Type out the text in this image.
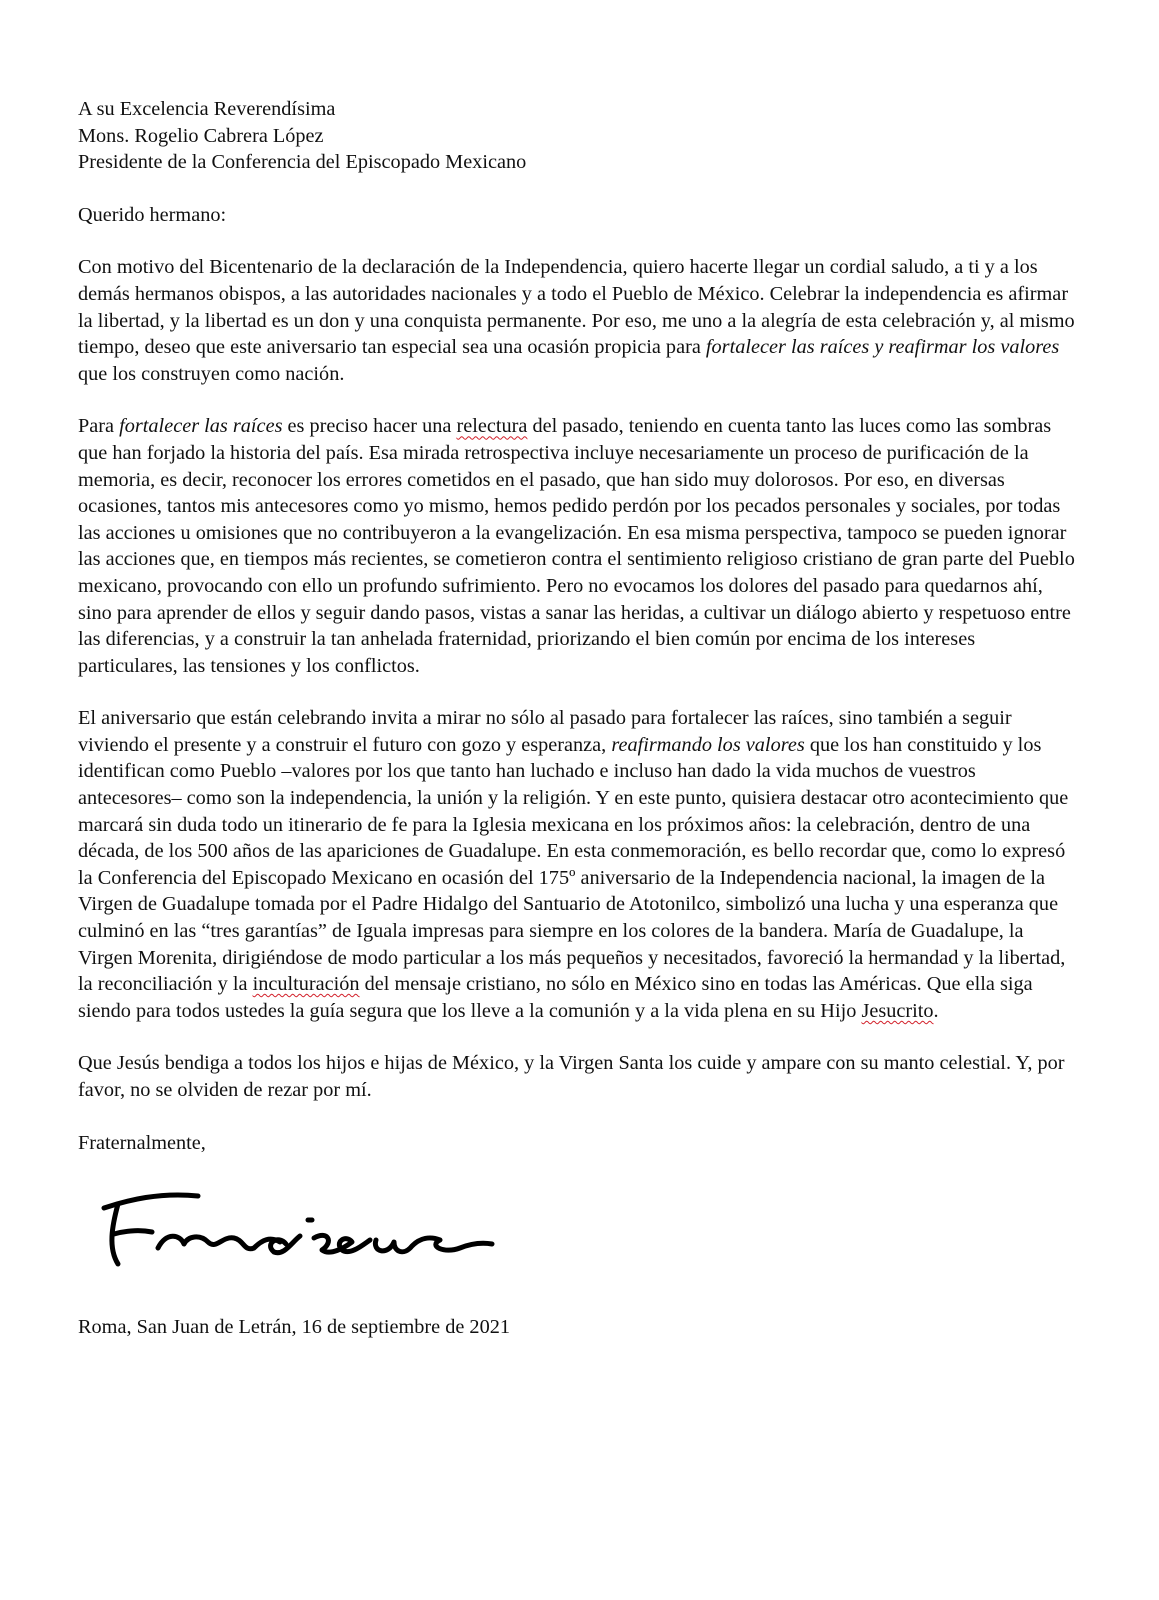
A su Excelencia Reverendísima

Mons. Rogelio Cabrera López

Presidente de la Conferencia del Episcopado Mexicano

Querido hermano:

Con motivo del Bicentenario de la declaración de la Independencia, quiero hacerte llegar un cordial saludo, a ti y a los demás hermanos obispos, a las autoridades nacionales y a todo el Pueblo de México. Celebrar la independencia es afirmar la libertad, y la libertad es un don y una conquista permanente. Por eso, me uno a la alegría de esta celebración y, al mismo tiempo, deseo que este aniversario tan especial sea una ocasión propicia para fortalecer las raíces y reafirmar los valores que los construyen como nación.

Para fortalecer las raíces es preciso hacer una relectura del pasado, teniendo en cuenta tanto las luces como las sombras que han forjado la historia del país. Esa mirada retrospectiva incluye necesariamente un proceso de purificación de la memoria, es decir, reconocer los errores cometidos en el pasado, que han sido muy dolorosos. Por eso, en diversas ocasiones, tantos mis antecesores como yo mismo, hemos pedido perdón por los pecados personales y sociales, por todas las acciones u omisiones que no contribuyeron a la evangelización. En esa misma perspectiva, tampoco se pueden ignorar las acciones que, en tiempos más recientes, se cometieron contra el sentimiento religioso cristiano de gran parte del Pueblo mexicano, provocando con ello un profundo sufrimiento. Pero no evocamos los dolores del pasado para quedarnos ahí, sino para aprender de ellos y seguir dando pasos, vistas a sanar las heridas, a cultivar un diálogo abierto y respetuoso entre las diferencias, y a construir la tan anhelada fraternidad, priorizando el bien común por encima de los intereses particulares, las tensiones y los conflictos.

El aniversario que están celebrando invita a mirar no sólo al pasado para fortalecer las raíces, sino también a seguir viviendo el presente y a construir el futuro con gozo y esperanza, reafirmando los valores que los han constituido y los identifican como Pueblo –valores por los que tanto han luchado e incluso han dado la vida muchos de vuestros antecesores– como son la independencia, la unión y la religión. Y en este punto, quisiera destacar otro acontecimiento que marcará sin duda todo un itinerario de fe para la Iglesia mexicana en los próximos años: la celebración, dentro de una década, de los 500 años de las apariciones de Guadalupe. En esta conmemoración, es bello recordar que, como lo expresó la Conferencia del Episcopado Mexicano en ocasión del 175º aniversario de la Independencia nacional, la imagen de la Virgen de Guadalupe tomada por el Padre Hidalgo del Santuario de Atotonilco, simbolizó una lucha y una esperanza que culminó en las “tres garantías” de Iguala impresas para siempre en los colores de la bandera. María de Guadalupe, la Virgen Morenita, dirigiéndose de modo particular a los más pequeños y necesitados, favoreció la hermandad y la libertad, la reconciliación y la inculturación del mensaje cristiano, no sólo en México sino en todas las Américas. Que ella siga siendo para todos ustedes la guía segura que los lleve a la comunión y a la vida plena en su Hijo Jesucrito.

Que Jesús bendiga a todos los hijos e hijas de México, y la Virgen Santa los cuide y ampare con su manto celestial. Y, por favor, no se olviden de rezar por mí.

Fraternalmente,

Roma, San Juan de Letrán, 16 de septiembre de 2021
